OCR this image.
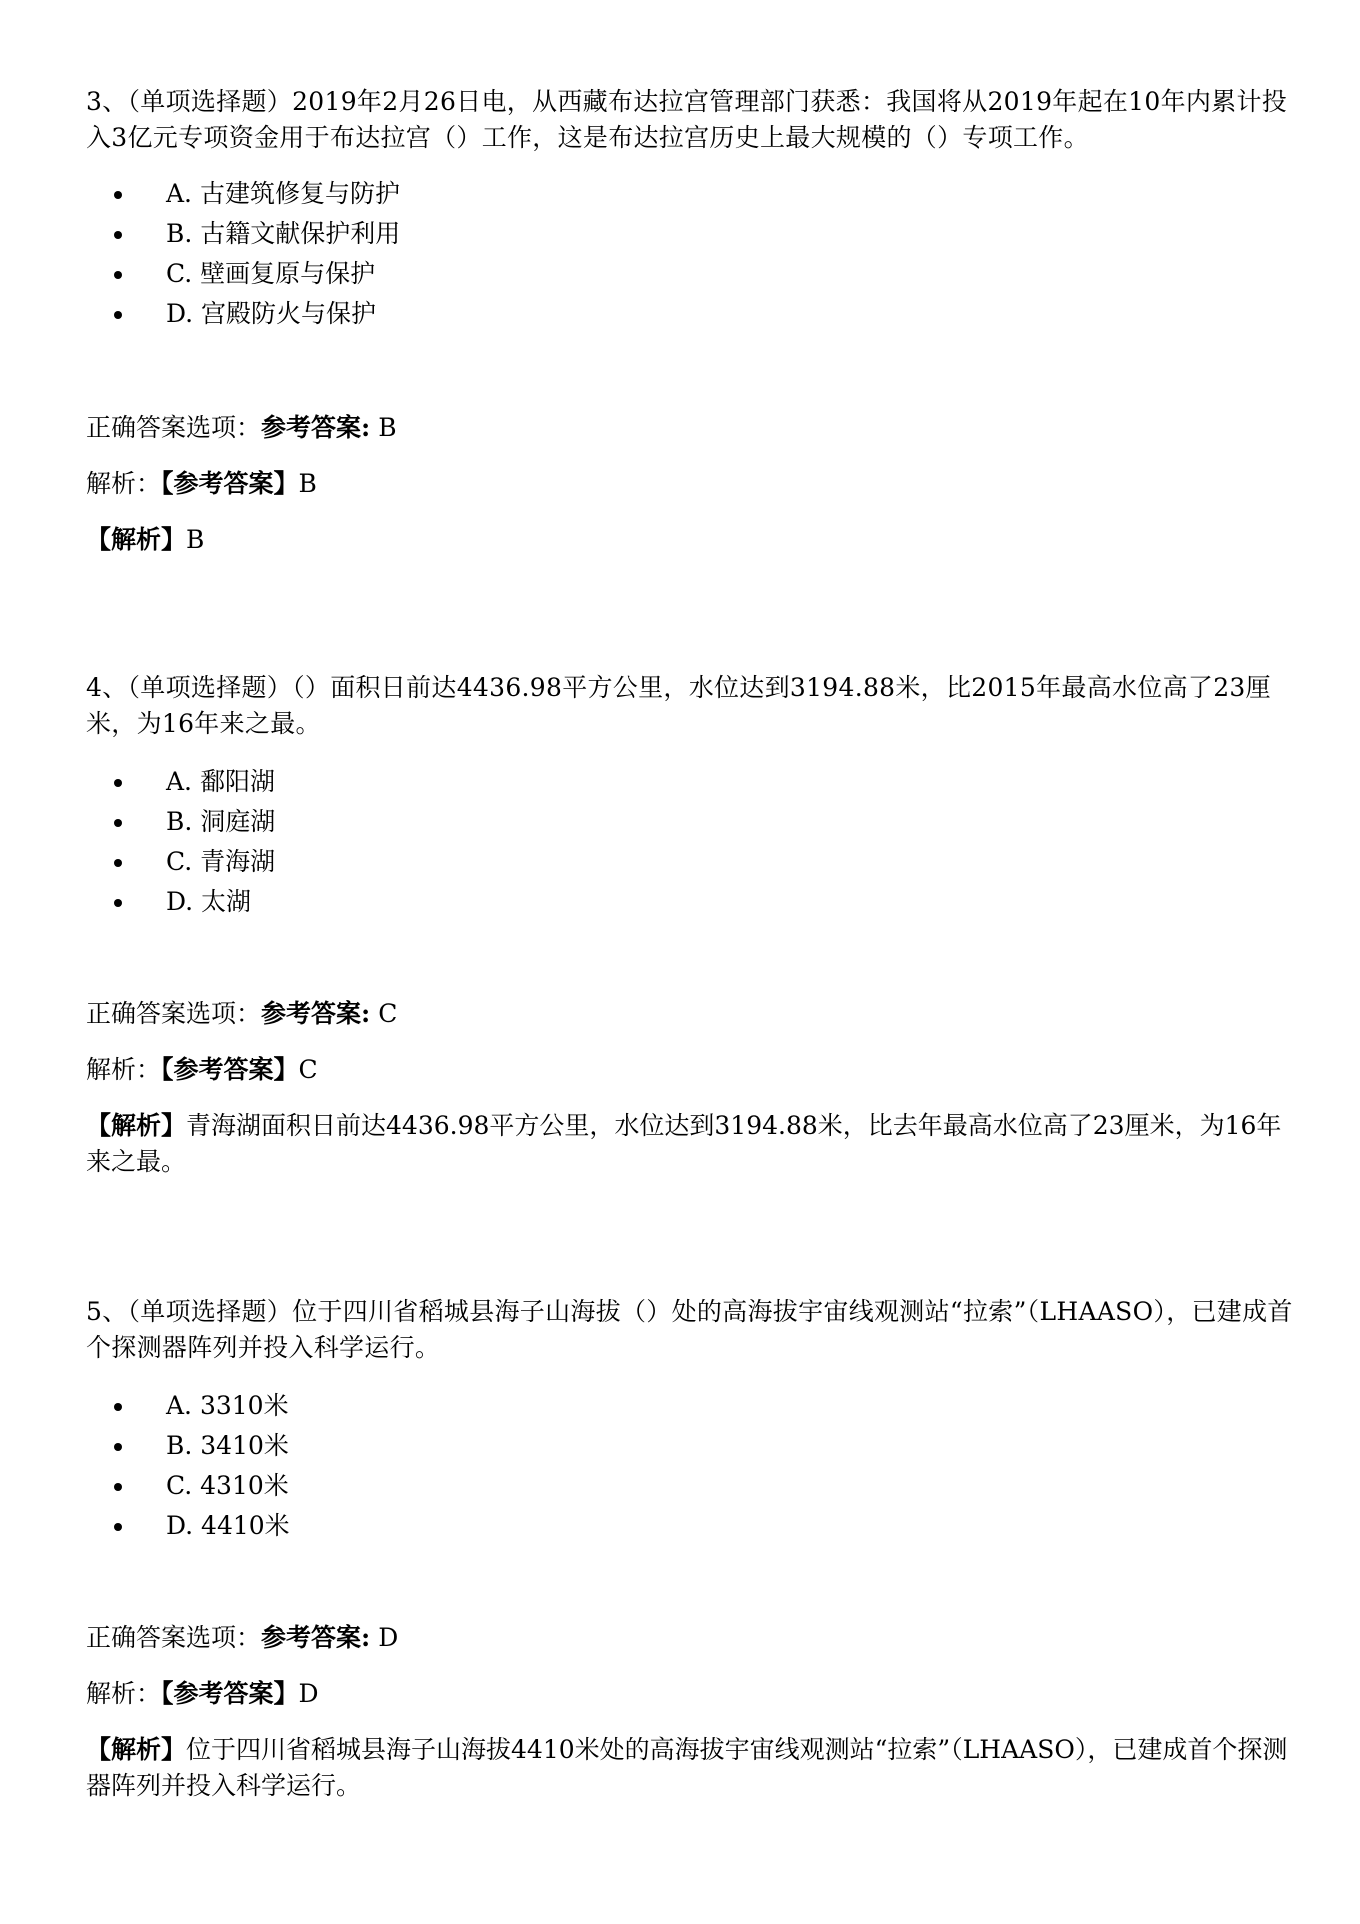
3、（单项选择题）2019年2月26日电，从西藏布达拉宫管理部门获悉：我国将从2019年起在10年内累计投入3亿元专项资金用于布达拉宫（）工作，这是布达拉宫历史上最大规模的（）专项工作。

A. 古建筑修复与防护
B. 古籍文献保护利用
C. 壁画复原与保护
D. 宫殿防火与保护

正确答案选项：参考答案: B

解析：【参考答案】B

【解析】B

4、（单项选择题）（）面积日前达4436.98平方公里，水位达到3194.88米，比2015年最高水位高了23厘米，为16年来之最。

A. 鄱阳湖
B. 洞庭湖
C. 青海湖
D. 太湖

正确答案选项：参考答案: C

解析：【参考答案】C

【解析】青海湖面积日前达4436.98平方公里，水位达到3194.88米，比去年最高水位高了23厘米，为16年来之最。

5、（单项选择题）位于四川省稻城县海子山海拔（）处的高海拔宇宙线观测站“拉索”（LHAASO），已建成首个探测器阵列并投入科学运行。

A. 3310米
B. 3410米
C. 4310米
D. 4410米

正确答案选项：参考答案: D

解析：【参考答案】D

【解析】位于四川省稻城县海子山海拔4410米处的高海拔宇宙线观测站“拉索”（LHAASO），已建成首个探测器阵列并投入科学运行。
